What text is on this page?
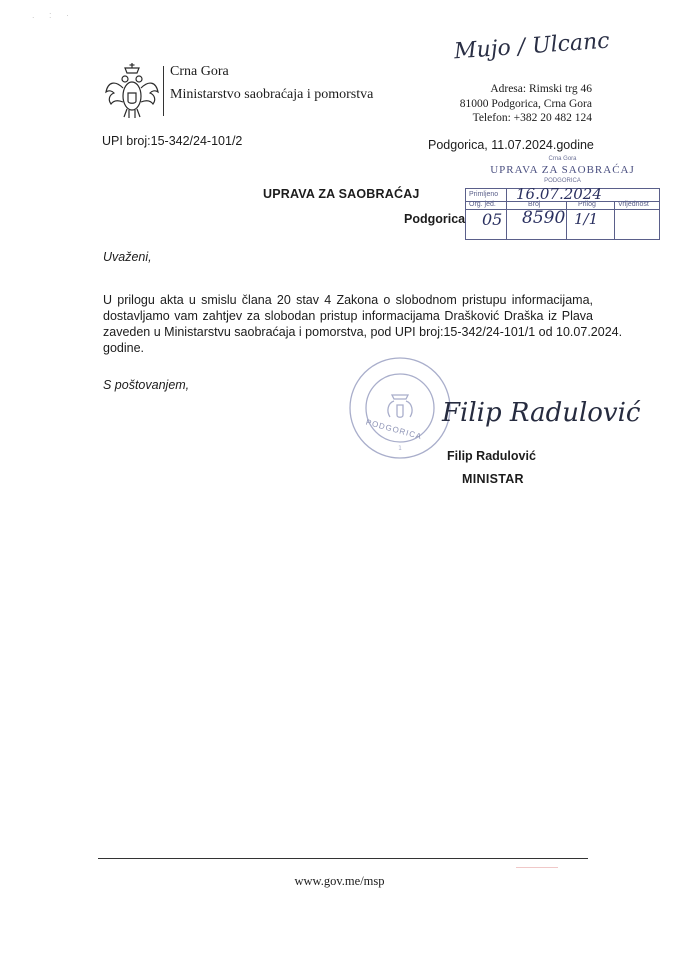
. : ·
Crna Gora
Ministarstvo saobraćaja i pomorstva
Mujo / Ulcanc
Adresa: Rimski trg 46
81000 Podgorica, Crna Gora
Telefon: +382 20 482 124
UPI broj:15-342/24-101/2	Podgorica, 11.07.2024.godine
Crna Gora
UPRAVA ZA SAOBRAĆAJ
PODGORICA
Primljeno
Org. jed.	Broj	Prilog	Vrijednost
16.07.2024
05 8590 1/1
UPRAVA ZA SAOBRAĆAJ
Podgorica
Uvaženi,
U prilogu akta u smislu člana 20 stav 4 Zakona o slobodnom pristupu informacijama,
dostavljamo vam zahtjev za slobodan pristup informacijama Drašković Draška iz Plava
zaveden u Ministarstvu saobraćaja i pomorstva, pod UPI broj:15-342/24-101/1 od 10.07.2024.
godine.
S poštovanjem,
1
PODGORICA
Filip Radulović
Filip Radulović
MINISTAR
www.gov.me/msp
